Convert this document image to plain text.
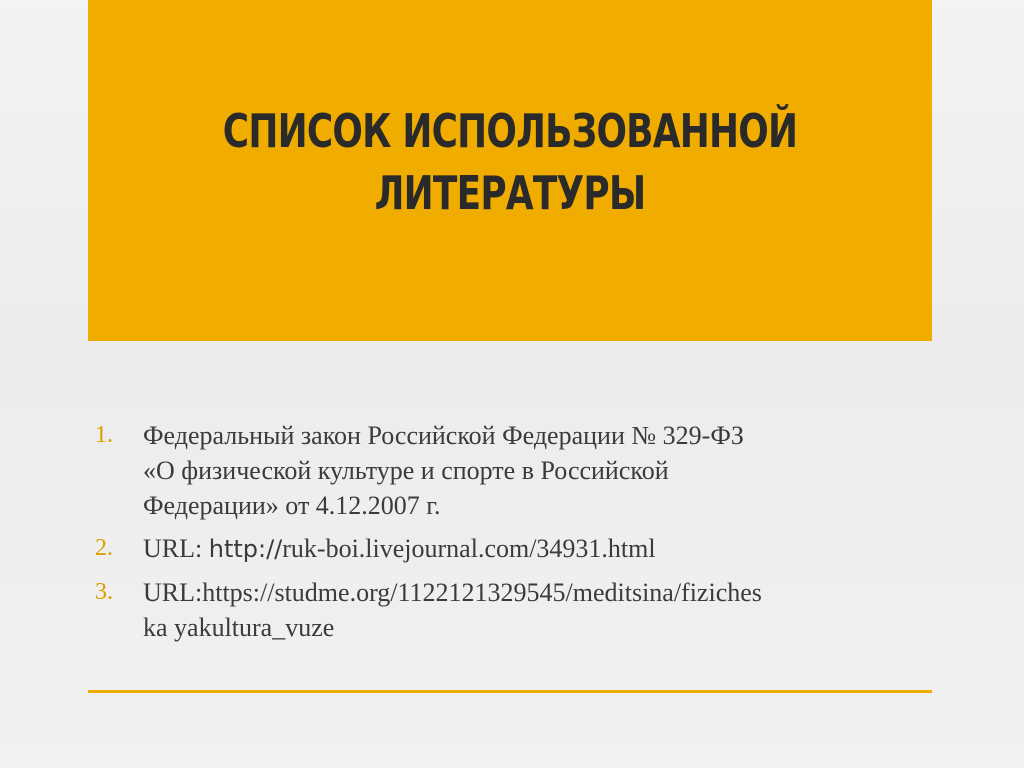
СПИСОК ИСПОЛЬЗОВАННОЙ
ЛИТЕРАТУРЫ
1. Федеральный закон Российской Федерации № 329-ФЗ
«О физической культуре и спорте в Российской
Федерации» от 4.12.2007 г.
2. URL: http://ruk-boi.livejournal.com/34931.html
3. URL:https://studme.org/1122121329545/meditsina/fiziches
ka yakultura_vuze
